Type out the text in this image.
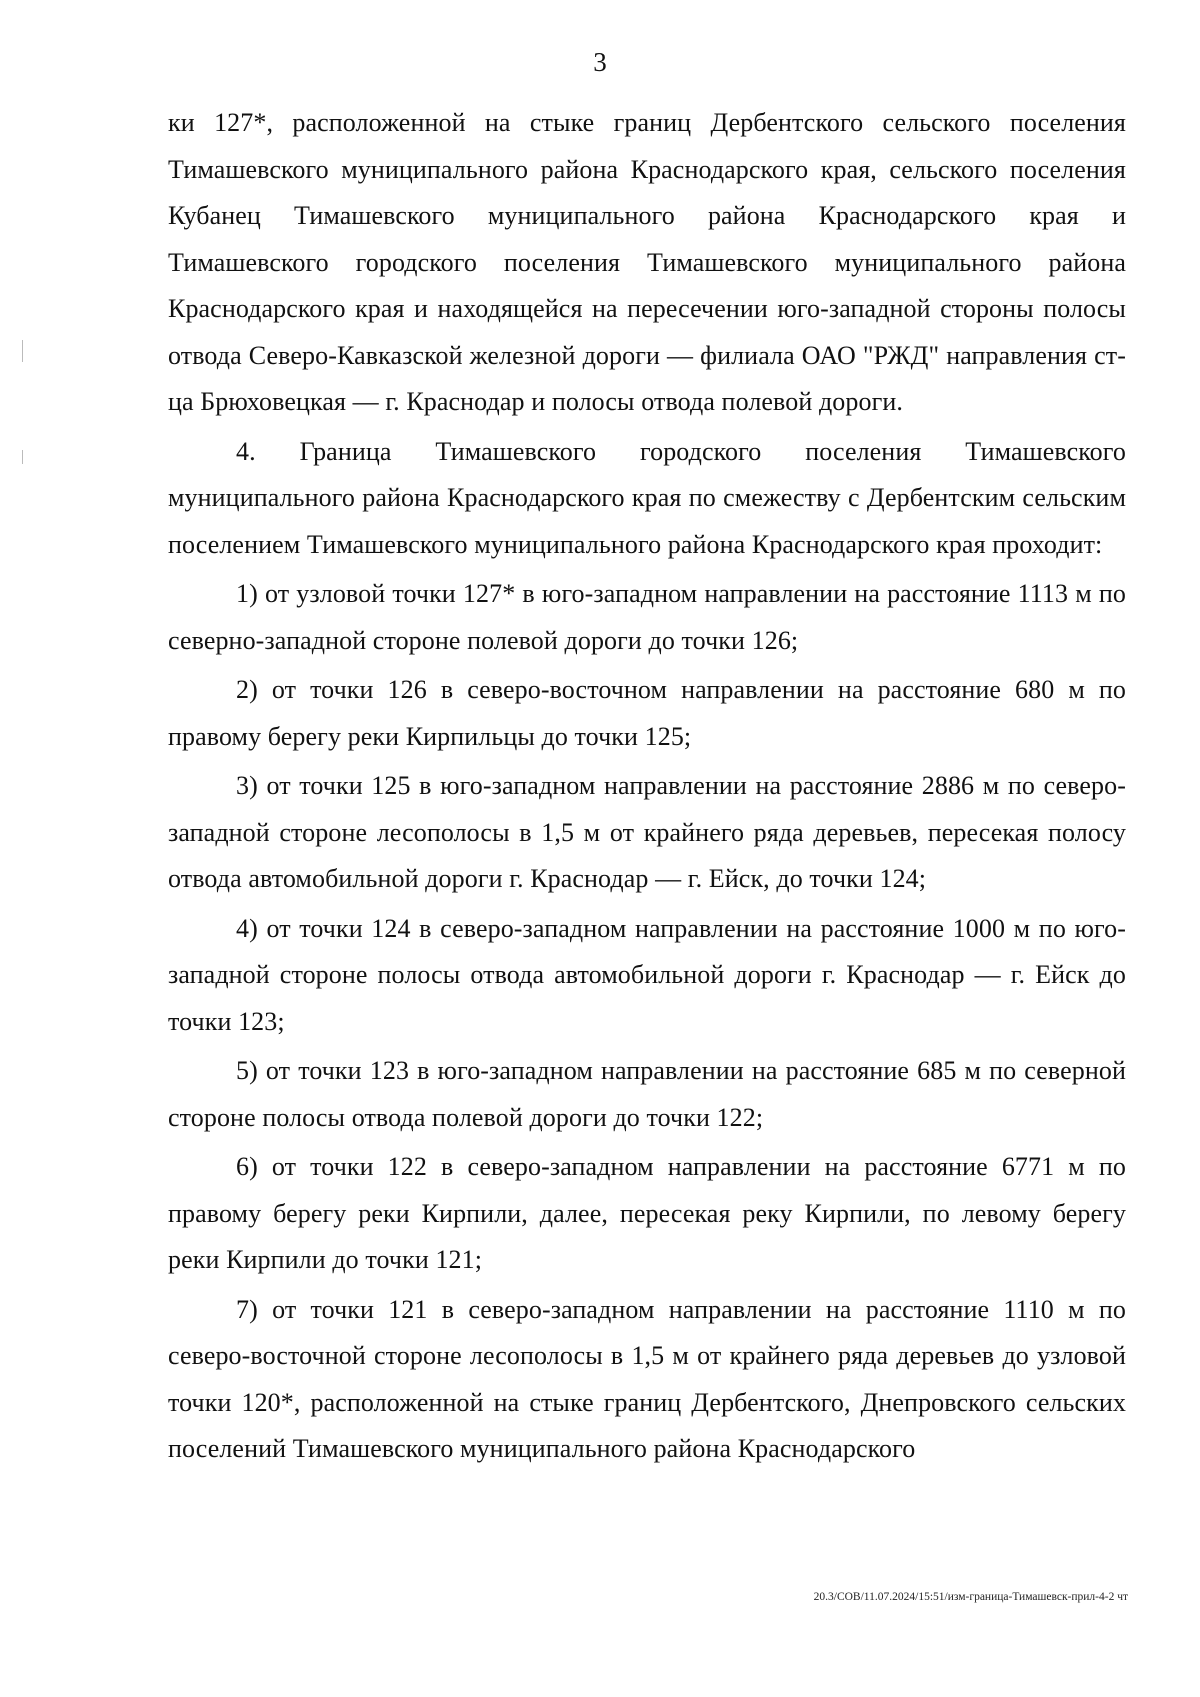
3

ки 127*, расположенной на стыке границ Дербентского сельского поселения Тимашевского муниципального района Краснодарского края, сельского поселения Кубанец Тимашевского муниципального района Краснодарского края и Тимашевского городского поселения Тимашевского муниципального района Краснодарского края и находящейся на пересечении юго-западной стороны полосы отвода Северо-Кавказской железной дороги — филиала ОАО "РЖД" направления ст-ца Брюховецкая — г. Краснодар и полосы отвода полевой дороги.

4. Граница Тимашевского городского поселения Тимашевского муниципального района Краснодарского края по смежеству с Дербентским сельским поселением Тимашевского муниципального района Краснодарского края проходит:

1) от узловой точки 127* в юго-западном направлении на расстояние 1113 м по северно-западной стороне полевой дороги до точки 126;

2) от точки 126 в северо-восточном направлении на расстояние 680 м по правому берегу реки Кирпильцы до точки 125;

3) от точки 125 в юго-западном направлении на расстояние 2886 м по северо-западной стороне лесополосы в 1,5 м от крайнего ряда деревьев, пересекая полосу отвода автомобильной дороги г. Краснодар — г. Ейск, до точки 124;

4) от точки 124 в северо-западном направлении на расстояние 1000 м по юго-западной стороне полосы отвода автомобильной дороги г. Краснодар — г. Ейск до точки 123;

5) от точки 123 в юго-западном направлении на расстояние 685 м по северной стороне полосы отвода полевой дороги до точки 122;

6) от точки 122 в северо-западном направлении на расстояние 6771 м по правому берегу реки Кирпили, далее, пересекая реку Кирпили, по левому берегу реки Кирпили до точки 121;

7) от точки 121 в северо-западном направлении на расстояние 1110 м по северо-восточной стороне лесополосы в 1,5 м от крайнего ряда деревьев до узловой точки 120*, расположенной на стыке границ Дербентского, Днепровского сельских поселений Тимашевского муниципального района Краснодарского

20.3/СОВ/11.07.2024/15:51/изм-граница-Тимашевск-прил-4-2 чт
